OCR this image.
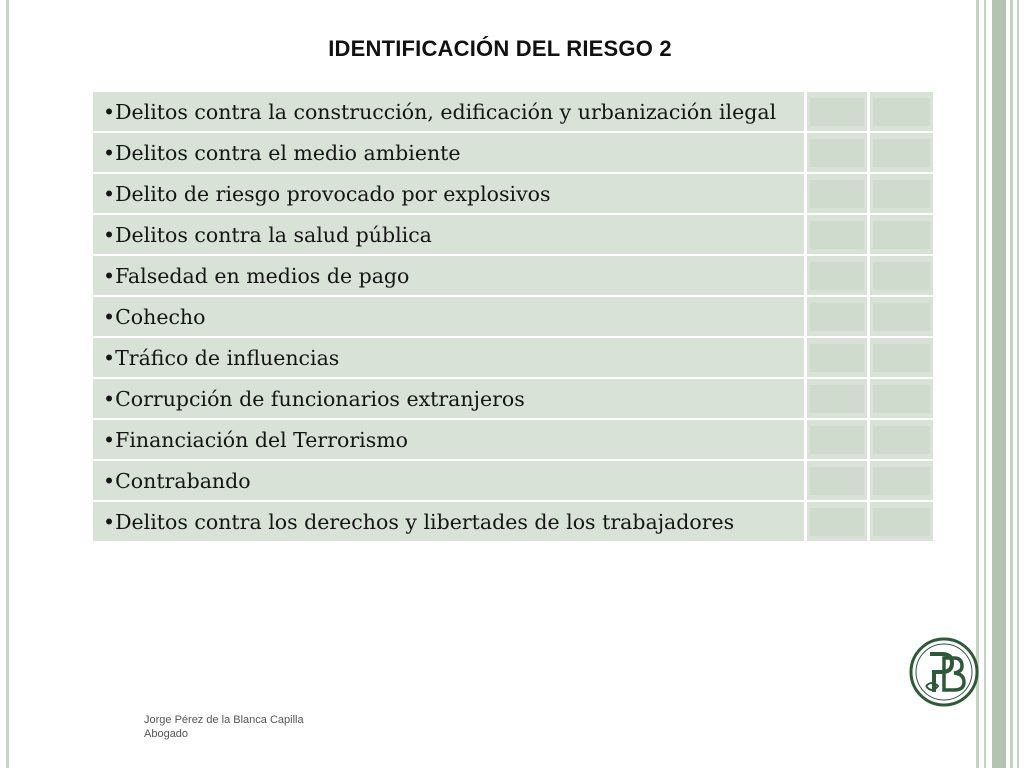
IDENTIFICACIÓN DEL RIESGO 2
•Delitos contra la construcción, edificación y urbanización ilegal	

•Delitos contra el medio ambiente	

•Delito de riesgo provocado por explosivos	

•Delitos contra la salud pública	

•Falsedad en medios de pago	

•Cohecho	

•Tráfico de influencias	

•Corrupción de funcionarios extranjeros	

•Financiación del Terrorismo	

•Contrabando	

•Delitos contra los derechos y libertades de los trabajadores	

Jorge Pérez de la Blanca Capilla
Abogado
